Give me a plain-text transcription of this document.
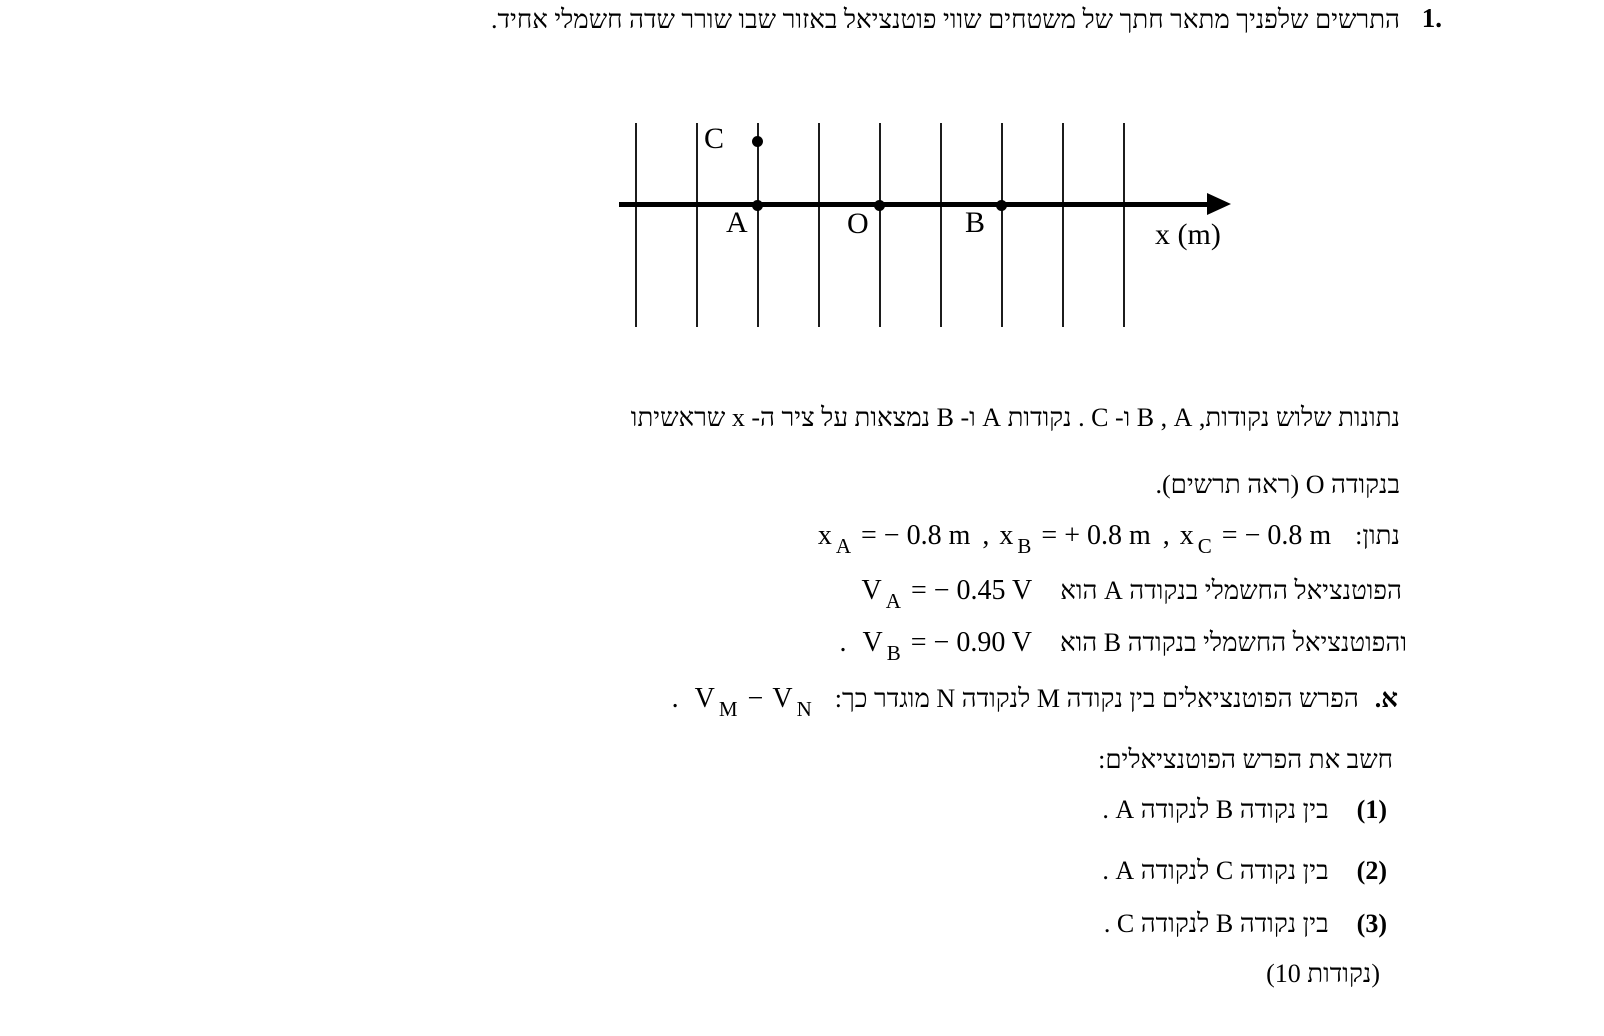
1.
התרשים שלפניך מתאר חתך של משטחים שווי פוטנציאל באזור שבו שורר שדה חשמלי אחיד.
C
A	O	B	x (m)
נתונות שלוש נקודות, A ‏,‏ B ו- C . נקודות A ו- B נמצאות על ציר ה- x שראשיתו
בנקודה O (ראה תרשים).
x $_A$ = − 0.8 m , x $_B$ = + 0.8 m , x $_C$ = − 0.8 m נתון:
V $_A$ = − 0.45 V הפוטנציאל החשמלי בנקודה A הוא
. V $_B$ = − 0.90 V והפוטנציאל החשמלי בנקודה B הוא
. V $_M$ − V $_N$ הפרש הפוטנציאלים בין נקודה M לנקודה N מוגדר כך: א.
חשב את הפרש הפוטנציאלים:
בין נקודה B לנקודה A . (1)
בין נקודה C לנקודה A . (2)
בין נקודה B לנקודה C . (3)
(10 נקודות)
